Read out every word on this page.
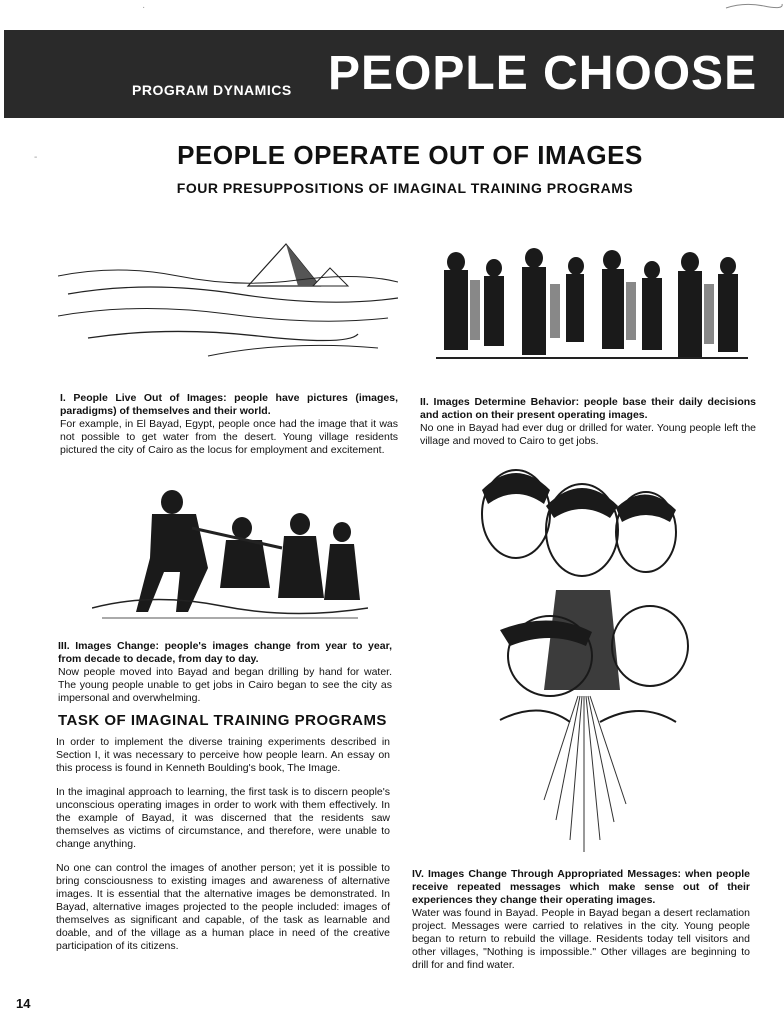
·
-
PROGRAM DYNAMICS PEOPLE CHOOSE
PEOPLE OPERATE OUT OF IMAGES
FOUR PRESUPPOSITIONS OF IMAGINAL TRAINING PROGRAMS

I. People Live Out of Images: people have pictures (images, paradigms) of themselves and their world.

For example, in El Bayad, Egypt, people once had the image that it was not possible to get water from the desert. Young village residents pictured the city of Cairo as the locus for employment and excitement.

II. Images Determine Behavior: people base their daily decisions and action on their present operating images.

No one in Bayad had ever dug or drilled for water. Young people left the village and moved to Cairo to get jobs.

III. Images Change: people's images change from year to year, from decade to decade, from day to day.

Now people moved into Bayad and began drilling by hand for water. The young people unable to get jobs in Cairo began to see the city as impersonal and overwhelming.

TASK OF IMAGINAL TRAINING PROGRAMS

In order to implement the diverse training experiments described in Section I, it was necessary to perceive how people learn. An essay on this process is found in Kenneth Boulding's book, The Image.

In the imaginal approach to learning, the first task is to discern people's unconscious operating images in order to work with them effectively. In the example of Bayad, it was discerned that the residents saw themselves as victims of circumstance, and therefore, were unable to change anything.

No one can control the images of another person; yet it is possible to bring consciousness to existing images and awareness of alternative images. It is essential that the alternative images be demonstrated. In Bayad, alternative images projected to the people included: images of themselves as significant and capable, of the task as learnable and doable, and of the village as a human place in need of the creative participation of its citizens.

IV. Images Change Through Appropriated Messages: when people receive repeated messages which make sense out of their experiences they change their operating images.

Water was found in Bayad. People in Bayad began a desert reclamation project. Messages were carried to relatives in the city. Young people began to return to rebuild the village. Residents today tell visitors and other villages, "Nothing is impossible." Other villages are beginning to drill for and find water.

14
